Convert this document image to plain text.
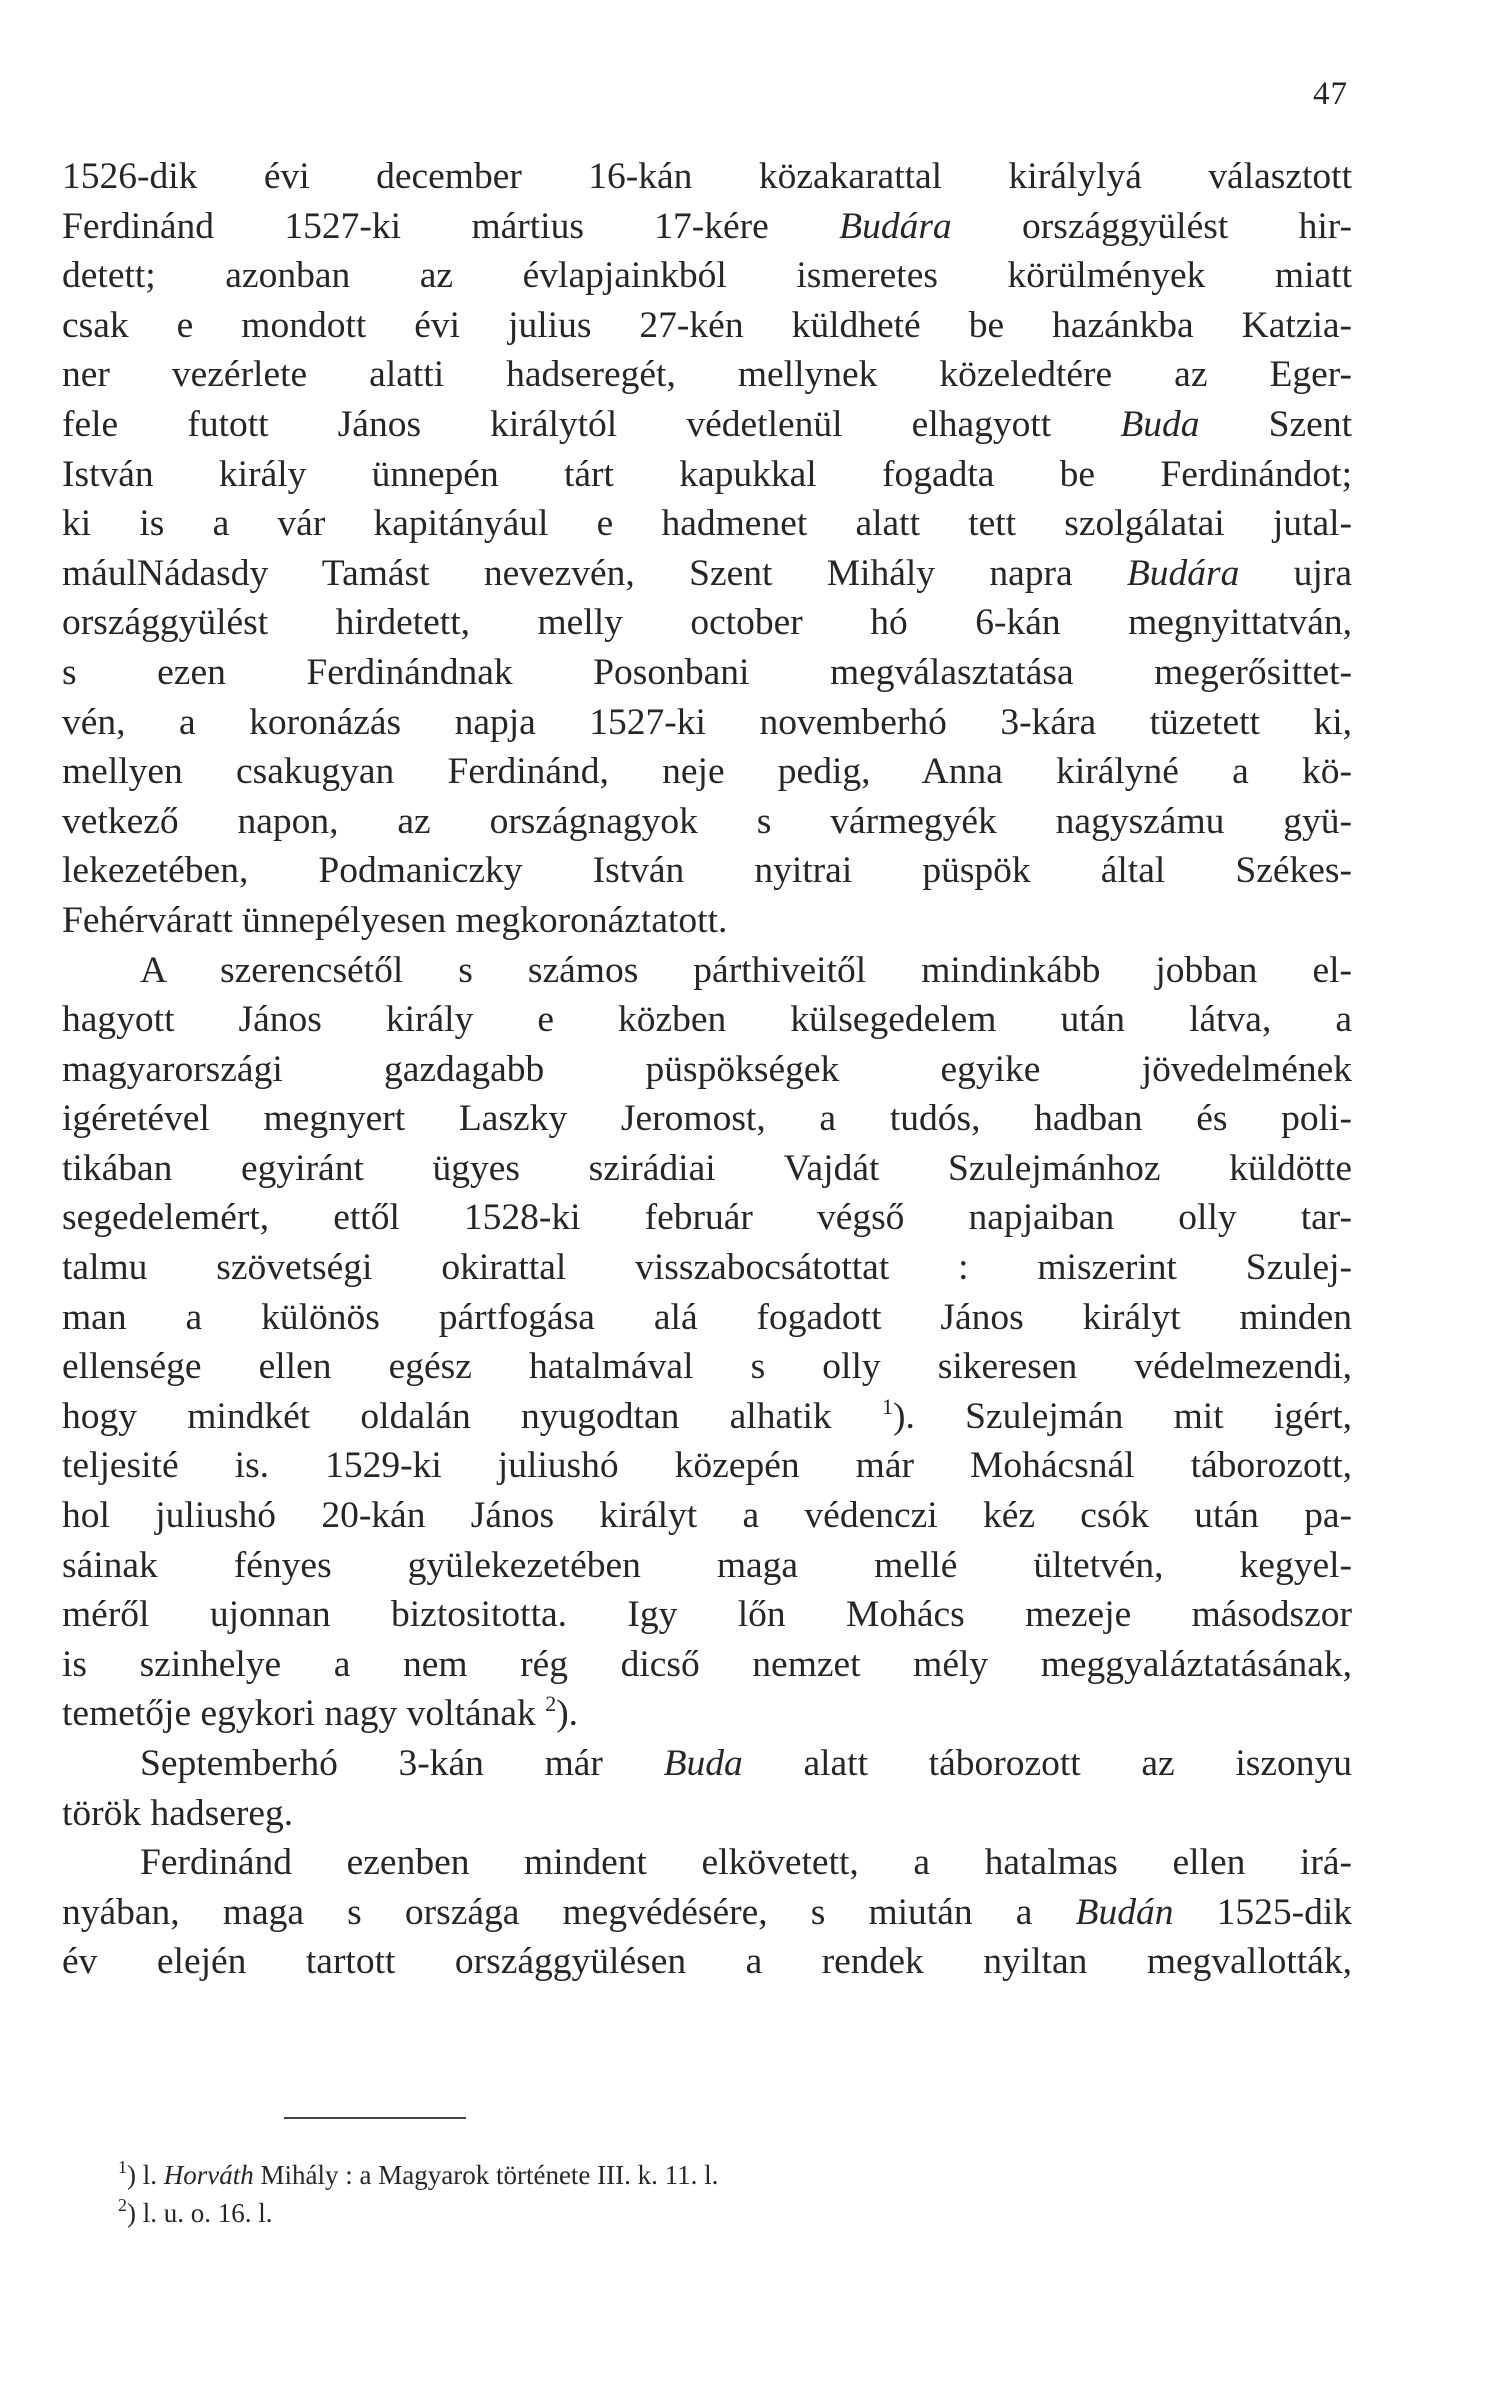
47
1526-dik évi december 16-kán közakarattal királylyá választott
Ferdinánd 1527-ki mártius 17-kére Budára országgyülést hir-
detett; azonban az évlapjainkból ismeretes körülmények miatt
csak e mondott évi julius 27-kén küldheté be hazánkba Katzia-
ner vezérlete alatti hadseregét, mellynek közeledtére az Eger-
fele futott János királytól védetlenül elhagyott Buda Szent
István király ünnepén tárt kapukkal fogadta be Ferdinándot;
ki is a vár kapitányául e hadmenet alatt tett szolgálatai jutal-
máulNádasdy Tamást nevezvén, Szent Mihály napra Budára ujra
országgyülést hirdetett, melly october hó 6-kán megnyittatván,
s ezen Ferdinándnak Posonbani megválasztatása megerősittet-
vén, a koronázás napja 1527-ki novemberhó 3-kára tüzetett ki,
mellyen csakugyan Ferdinánd, neje pedig, Anna királyné a kö-
vetkező napon, az országnagyok s vármegyék nagyszámu gyü-
lekezetében, Podmaniczky István nyitrai püspök által Székes-
Fehérváratt ünnepélyesen megkoronáztatott.
A szerencsétől s számos párthiveitől mindinkább jobban el-
hagyott János király e közben külsegedelem után látva, a
magyarországi gazdagabb püspökségek egyike jövedelmének
igéretével megnyert Laszky Jeromost, a tudós, hadban és poli-
tikában egyiránt ügyes szirádiai Vajdát Szulejmánhoz küldötte
segedelemért, ettől 1528-ki február végső napjaiban olly tar-
talmu szövetségi okirattal visszabocsátottat : miszerint Szulej-
man a különös pártfogása alá fogadott János királyt minden
ellensége ellen egész hatalmával s olly sikeresen védelmezendi,
hogy mindkét oldalán nyugodtan alhatik $^1$). Szulejmán mit igért,
teljesité is. 1529-ki juliushó közepén már Mohácsnál táborozott,
hol juliushó 20-kán János királyt a védenczi kéz csók után pa-
sáinak fényes gyülekezetében maga mellé ültetvén, kegyel-
méről ujonnan biztositotta. Igy lőn Mohács mezeje másodszor
is szinhelye a nem rég dicső nemzet mély meggyaláztatásának,
temetője egykori nagy voltának $^2$).
Septemberhó 3-kán már Buda alatt táborozott az iszonyu
török hadsereg.
Ferdinánd ezenben mindent elkövetett, a hatalmas ellen irá-
nyában, maga s országa megvédésére, s miután a Budán 1525-dik
év elején tartott országgyülésen a rendek nyiltan megvallották,
$^1$) l. Horváth Mihály : a Magyarok története III. k. 11. l.
$^2$) l. u. o. 16. l.
